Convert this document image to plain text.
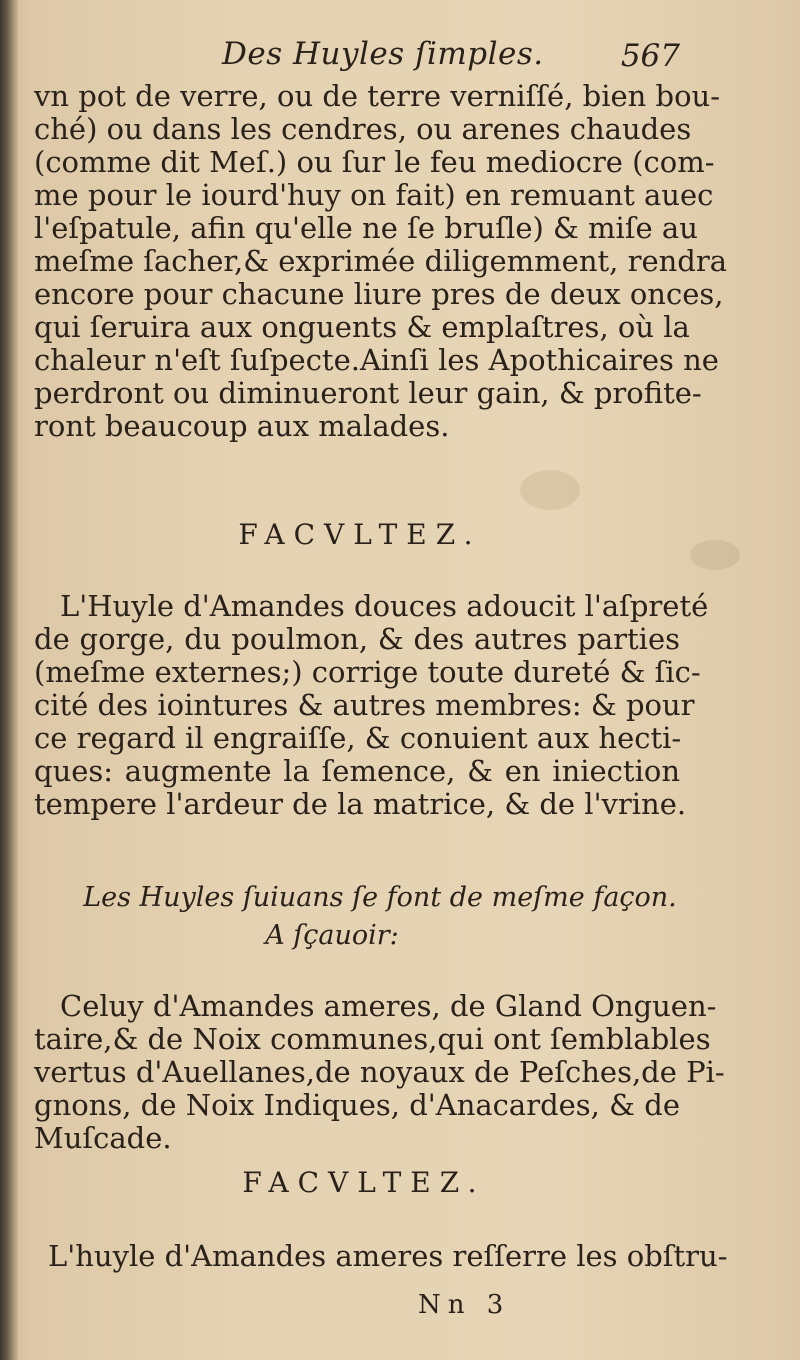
Des Huyles ſimples. 567
vn pot de verre, ou de terre verniſſé, bien bou-
ché) ou dans les cendres, ou arenes chaudes
(comme dit Meſ.) ou ſur le feu mediocre (com-
me pour le iourd'huy on fait) en remuant auec
l'eſpatule, afin qu'elle ne ſe bruſle) & miſe au
meſme ſacher,& exprimée diligemment, rendra
encore pour chacune liure pres de deux onces,
qui ſeruira aux onguents & emplaſtres, où la
chaleur n'eſt ſuſpecte.Ainſi les Apothicaires ne
perdront ou diminueront leur gain, & profite-
ront beaucoup aux malades.
FACVLTEZ.
L'Huyle d'Amandes douces adoucit l'aſpreté
de gorge, du poulmon, & des autres parties
(meſme externes;) corrige toute dureté & ſic-
cité des iointures & autres membres: & pour
ce regard il engraiſſe, & conuient aux hecti-
ques: augmente la ſemence, & en iniection
tempere l'ardeur de la matrice, & de l'vrine.
Les Huyles ſuiuans ſe font de meſme façon.
A ſçauoir:
Celuy d'Amandes ameres, de Gland Onguen-
taire,& de Noix communes,qui ont ſemblables
vertus d'Auellanes,de noyaux de Peſches,de Pi-
gnons, de Noix Indiques, d'Anacardes, & de
Muſcade.
FACVLTEZ.
L'huyle d'Amandes ameres reſſerre les obſtru-
Nn 3
